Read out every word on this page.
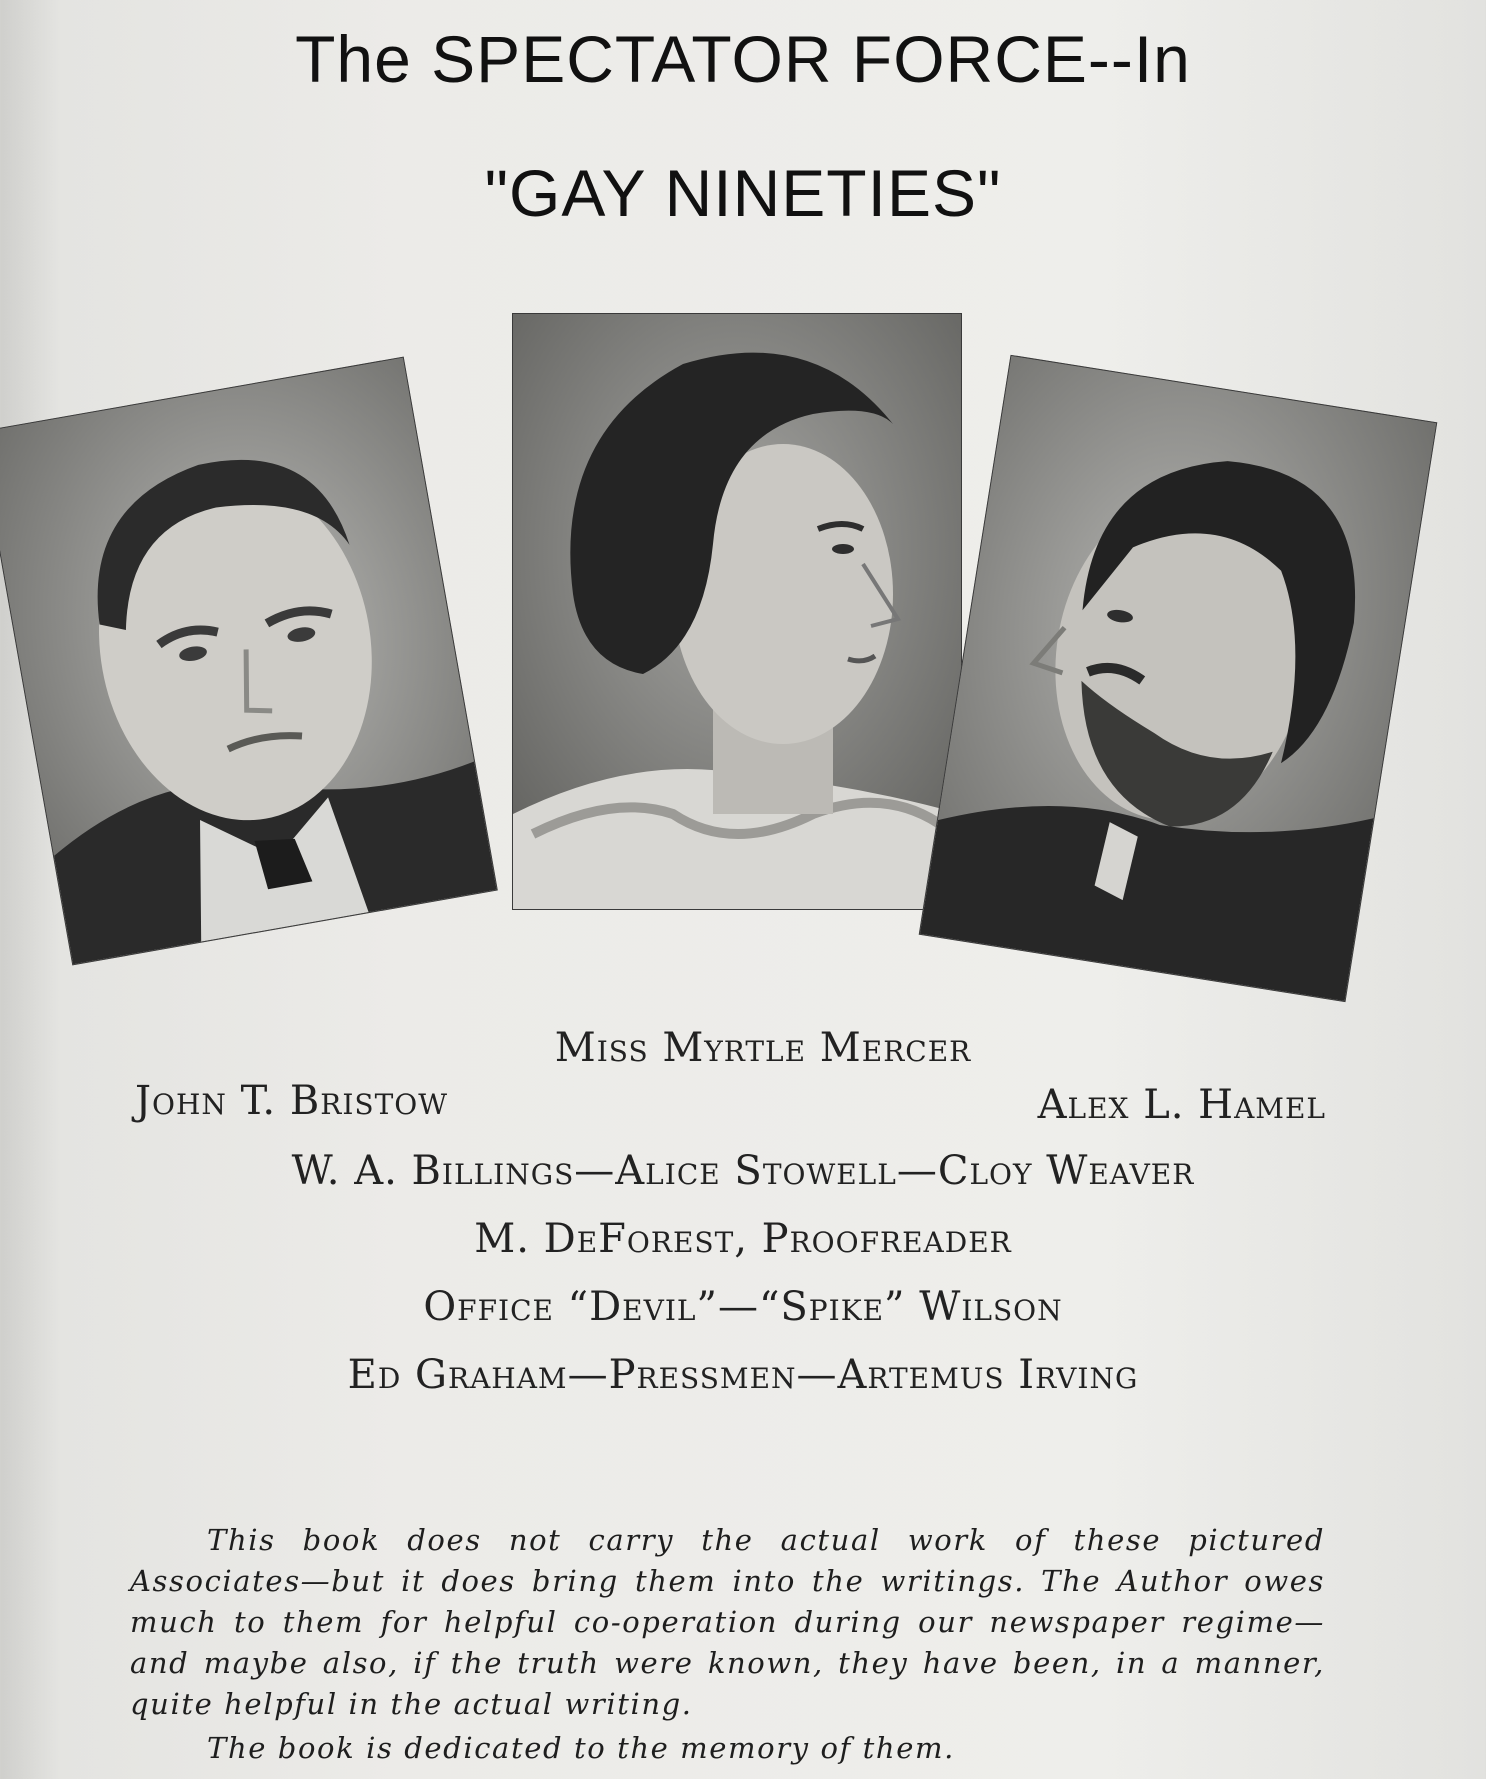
The SPECTATOR FORCE--In
"GAY NINETIES"
Miss Myrtle Mercer
John T. Bristow	Alex L. Hamel
W. A. Billings—Alice Stowell—Cloy Weaver
M. DeForest, Proofreader
Office “Devil”—“Spike” Wilson
Ed Graham—Pressmen—Artemus Irving
This book does not carry the actual work of these pictured Associates—but it does bring them into the writings. The Author owes much to them for helpful co-operation during our newspaper regime—and maybe also, if the truth were known, they have been, in a manner, quite helpful in the actual writing.
The book is dedicated to the memory of them.
